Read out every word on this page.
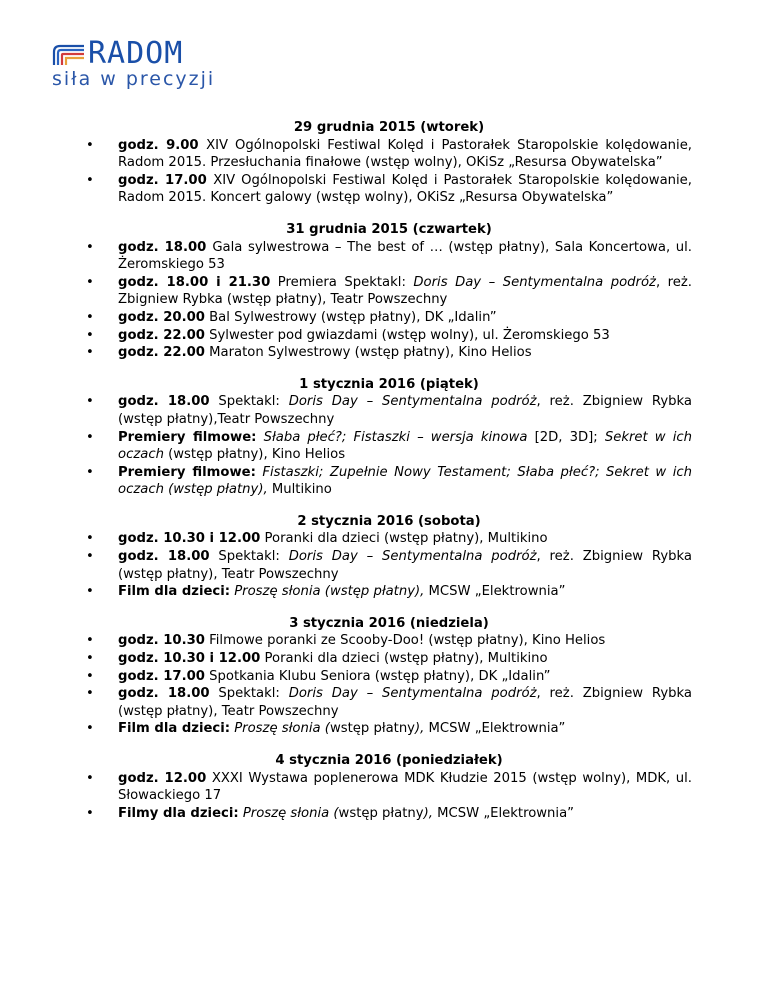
RADOM
siła w precyzji
29 grudnia 2015 (wtorek)
• godz. 9.00 XIV Ogólnopolski Festiwal Kolęd i Pastorałek Staropolskie kolędowanie, Radom 2015. Przesłuchania finałowe (wstęp wolny), OKiSz „Resursa Obywatelska”
• godz. 17.00 XIV Ogólnopolski Festiwal Kolęd i Pastorałek Staropolskie kolędowanie, Radom 2015. Koncert galowy (wstęp wolny), OKiSz „Resursa Obywatelska”
31 grudnia 2015 (czwartek)
• godz. 18.00 Gala sylwestrowa – The best of … (wstęp płatny), Sala Koncertowa, ul. Żeromskiego 53
• godz. 18.00 i 21.30 Premiera Spektakl: Doris Day – Sentymentalna podróż, reż. Zbigniew Rybka (wstęp płatny), Teatr Powszechny
• godz. 20.00 Bal Sylwestrowy (wstęp płatny), DK „Idalin”
• godz. 22.00 Sylwester pod gwiazdami (wstęp wolny), ul. Żeromskiego 53
• godz. 22.00 Maraton Sylwestrowy (wstęp płatny), Kino Helios
1 stycznia 2016 (piątek)
• godz. 18.00 Spektakl: Doris Day – Sentymentalna podróż, reż. Zbigniew Rybka (wstęp płatny),Teatr Powszechny
• Premiery filmowe: Słaba płeć?; Fistaszki – wersja kinowa [2D, 3D]; Sekret w ich oczach (wstęp płatny), Kino Helios
• Premiery filmowe: Fistaszki; Zupełnie Nowy Testament; Słaba płeć?; Sekret w ich oczach (wstęp płatny), Multikino
2 stycznia 2016 (sobota)
• godz. 10.30 i 12.00 Poranki dla dzieci (wstęp płatny), Multikino
• godz. 18.00 Spektakl: Doris Day – Sentymentalna podróż, reż. Zbigniew Rybka (wstęp płatny), Teatr Powszechny
• Film dla dzieci: Proszę słonia (wstęp płatny), MCSW „Elektrownia”
3 stycznia 2016 (niedziela)
• godz. 10.30 Filmowe poranki ze Scooby-Doo! (wstęp płatny), Kino Helios
• godz. 10.30 i 12.00 Poranki dla dzieci (wstęp płatny), Multikino
• godz. 17.00 Spotkania Klubu Seniora (wstęp płatny), DK „Idalin”
• godz. 18.00 Spektakl: Doris Day – Sentymentalna podróż, reż. Zbigniew Rybka (wstęp płatny), Teatr Powszechny
• Film dla dzieci: Proszę słonia (wstęp płatny), MCSW „Elektrownia”
4 stycznia 2016 (poniedziałek)
• godz. 12.00 XXXI Wystawa poplenerowa MDK Kłudzie 2015 (wstęp wolny), MDK, ul. Słowackiego 17
• Filmy dla dzieci: Proszę słonia (wstęp płatny), MCSW „Elektrownia”
